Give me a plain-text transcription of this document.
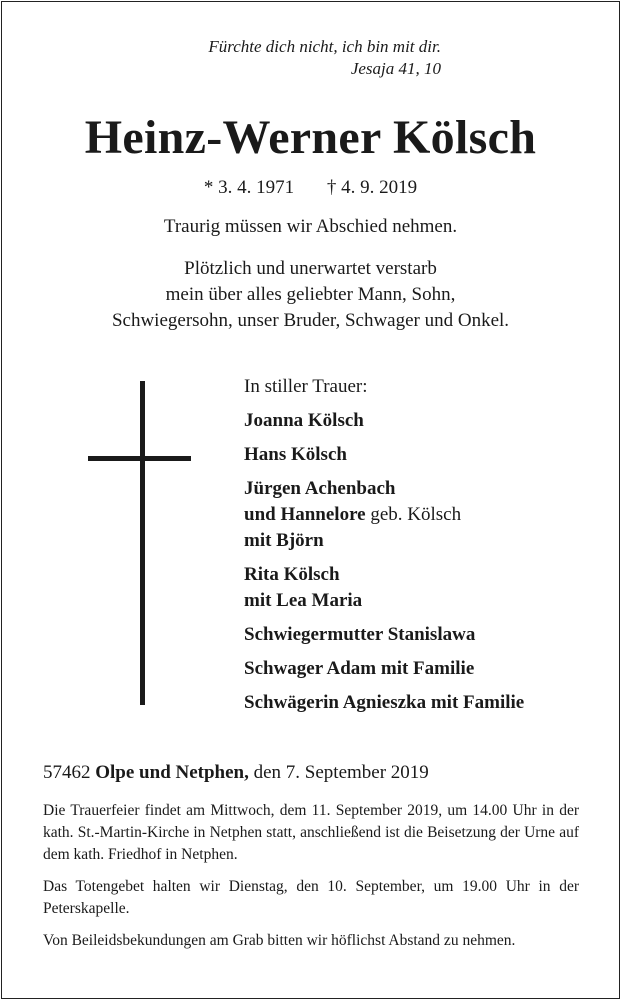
Fürchte dich nicht, ich bin mit dir.
Jesaja 41, 10
Heinz-Werner Kölsch
* 3. 4. 1971 † 4. 9. 2019
Traurig müssen wir Abschied nehmen.
Plötzlich und unerwartet verstarb
mein über alles geliebter Mann, Sohn,
Schwiegersohn, unser Bruder, Schwager und Onkel.
In stiller Trauer:
Joanna Kölsch
Hans Kölsch
Jürgen Achenbach
und Hannelore geb. Kölsch
mit Björn
Rita Kölsch
mit Lea Maria
Schwiegermutter Stanislawa
Schwager Adam mit Familie
Schwägerin Agnieszka mit Familie
57462 Olpe und Netphen, den 7. September 2019
Die Trauerfeier findet am Mittwoch, dem 11. September 2019, um 14.00 Uhr in der kath. St.-Martin-Kirche in Netphen statt, anschließend ist die Beisetzung der Urne auf dem kath. Friedhof in Netphen.
Das Totengebet halten wir Dienstag, den 10. September, um 19.00 Uhr in der Peterskapelle.
Von Beileidsbekundungen am Grab bitten wir höflichst Abstand zu nehmen.
